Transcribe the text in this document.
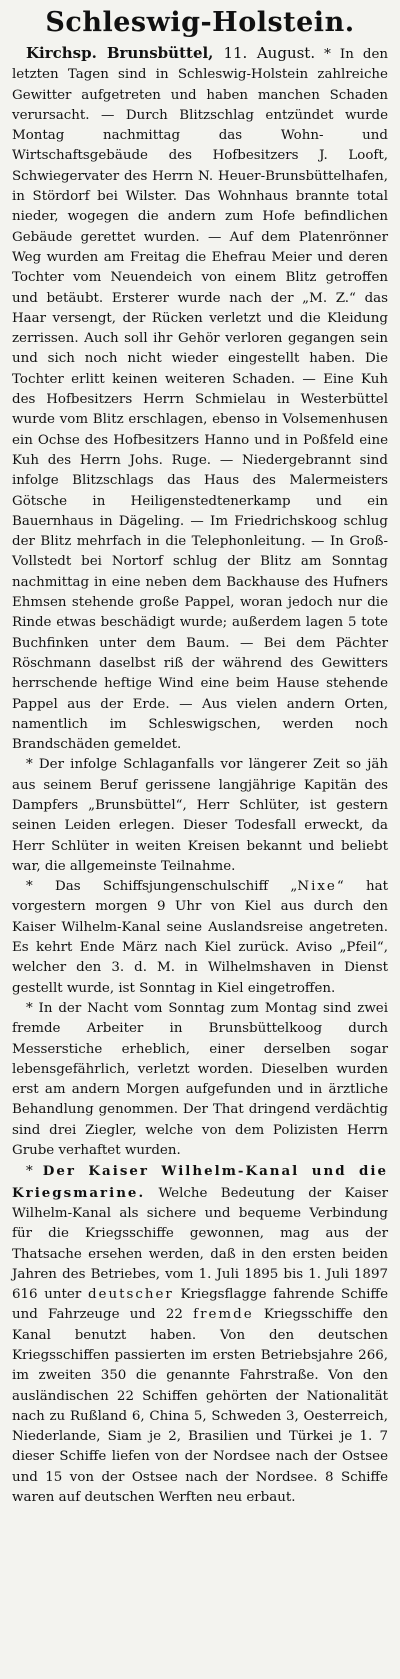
Schleswig-Holstein.

Kirchsp. Brunsbüttel, 11. August. * In den letzten Tagen sind in Schleswig-Holstein zahlreiche Gewitter aufgetreten und haben manchen Schaden verursacht. — Durch Blitzschlag entzündet wurde Montag nachmittag das Wohn- und Wirtschaftsgebäude des Hofbesitzers J. Looft, Schwiegervater des Herrn N. Heuer-Brunsbüttelhafen, in Stördorf bei Wilster. Das Wohnhaus brannte total nieder, wogegen die andern zum Hofe befindlichen Gebäude gerettet wurden. — Auf dem Platenrönner Weg wurden am Freitag die Ehefrau Meier und deren Tochter vom Neuendeich von einem Blitz getroffen und betäubt. Ersterer wurde nach der „M. Z.“ das Haar versengt, der Rücken verletzt und die Kleidung zerrissen. Auch soll ihr Gehör verloren gegangen sein und sich noch nicht wieder eingestellt haben. Die Tochter erlitt keinen weiteren Schaden. — Eine Kuh des Hofbesitzers Herrn Schmielau in Westerbüttel wurde vom Blitz erschlagen, ebenso in Volsemenhusen ein Ochse des Hofbesitzers Hanno und in Poßfeld eine Kuh des Herrn Johs. Ruge. — Niedergebrannt sind infolge Blitzschlags das Haus des Malermeisters Götsche in Heiligenstedtenerkamp und ein Bauernhaus in Dägeling. — Im Friedrichskoog schlug der Blitz mehrfach in die Telephonleitung. — In Groß-Vollstedt bei Nortorf schlug der Blitz am Sonntag nachmittag in eine neben dem Backhause des Hufners Ehmsen stehende große Pappel, woran jedoch nur die Rinde etwas beschädigt wurde; außerdem lagen 5 tote Buchfinken unter dem Baum. — Bei dem Pächter Röschmann daselbst riß der während des Gewitters herrschende heftige Wind eine beim Hause stehende Pappel aus der Erde. — Aus vielen andern Orten, namentlich im Schleswigschen, werden noch Brandschäden gemeldet.

* Der infolge Schlaganfalls vor längerer Zeit so jäh aus seinem Beruf gerissene langjährige Kapitän des Dampfers „Brunsbüttel“, Herr Schlüter, ist gestern seinen Leiden erlegen. Dieser Todesfall erweckt, da Herr Schlüter in weiten Kreisen bekannt und beliebt war, die allgemeinste Teilnahme.

* Das Schiffsjungenschulschiff „Nixe“ hat vorgestern morgen 9 Uhr von Kiel aus durch den Kaiser Wilhelm-Kanal seine Auslandsreise angetreten. Es kehrt Ende März nach Kiel zurück. Aviso „Pfeil“, welcher den 3. d. M. in Wilhelmshaven in Dienst gestellt wurde, ist Sonntag in Kiel eingetroffen.

* In der Nacht vom Sonntag zum Montag sind zwei fremde Arbeiter in Brunsbüttelkoog durch Messerstiche erheblich, einer derselben sogar lebensgefährlich, verletzt worden. Dieselben wurden erst am andern Morgen aufgefunden und in ärztliche Behandlung genommen. Der That dringend verdächtig sind drei Ziegler, welche von dem Polizisten Herrn Grube verhaftet wurden.

* Der Kaiser Wilhelm-Kanal und die Kriegsmarine. Welche Bedeutung der Kaiser Wilhelm-Kanal als sichere und bequeme Verbindung für die Kriegsschiffe gewonnen, mag aus der Thatsache ersehen werden, daß in den ersten beiden Jahren des Betriebes, vom 1. Juli 1895 bis 1. Juli 1897 616 unter deutscher Kriegsflagge fahrende Schiffe und Fahrzeuge und 22 fremde Kriegsschiffe den Kanal benutzt haben. Von den deutschen Kriegsschiffen passierten im ersten Betriebsjahre 266, im zweiten 350 die genannte Fahrstraße. Von den ausländischen 22 Schiffen gehörten der Nationalität nach zu Rußland 6, China 5, Schweden 3, Oesterreich, Niederlande, Siam je 2, Brasilien und Türkei je 1. 7 dieser Schiffe liefen von der Nordsee nach der Ostsee und 15 von der Ostsee nach der Nordsee. 8 Schiffe waren auf deutschen Werften neu erbaut.
